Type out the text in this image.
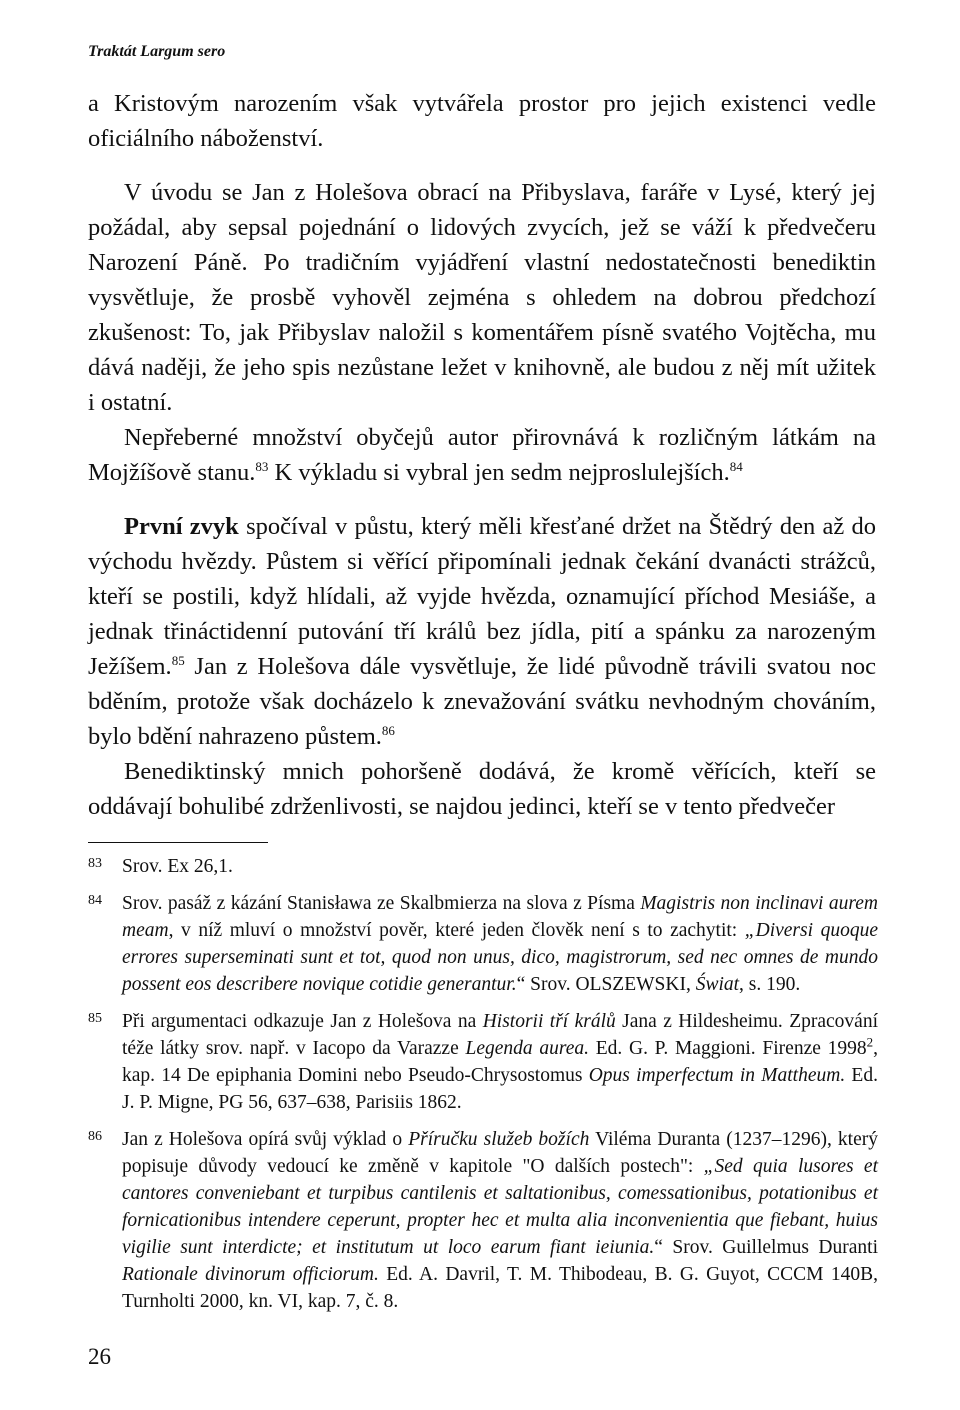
Traktát Largum sero

a Kristovým narozením však vytvářela prostor pro jejich existenci vedle oficiálního náboženství.

V úvodu se Jan z Holešova obrací na Přibyslava, faráře v Lysé, který jej požádal, aby sepsal pojednání o lidových zvycích, jež se váží k předvečeru Narození Páně. Po tradičním vyjádření vlastní nedostatečnosti benediktin vysvětluje, že prosbě vyhověl zejména s ohledem na dobrou předchozí zkušenost: To, jak Přibyslav naložil s komentářem písně svatého Vojtěcha, mu dává naději, že jeho spis nezůstane ležet v knihovně, ale budou z něj mít užitek i ostatní.

Nepřeberné množství obyčejů autor přirovnává k rozličným látkám na Mojžíšově stanu.$^{83}$ K výkladu si vybral jen sedm nejproslulejších.$^{84}$

První zvyk spočíval v půstu, který měli křesťané držet na Štědrý den až do východu hvězdy. Půstem si věřící připomínali jednak čekání dvanácti strážců, kteří se postili, když hlídali, až vyjde hvězda, oznamující příchod Mesiáše, a jednak třináctidenní putování tří králů bez jídla, pití a spánku za narozeným Ježíšem.$^{85}$ Jan z Holešova dále vysvětluje, že lidé původně trávili svatou noc bděním, protože však docházelo k znevažování svátku nevhodným chováním, bylo bdění nahrazeno půstem.$^{86}$

Benediktinský mnich pohoršeně dodává, že kromě věřících, kteří se oddávají bohulibé zdrženlivosti, se najdou jedinci, kteří se v tento předvečer

83	Srov. Ex 26,1.
84	Srov. pasáž z kázání Stanisława ze Skalbmierza na slova z Písma Magistris non inclinavi aurem meam, v níž mluví o množství pověr, které jeden člověk není s to zachytit: „Diversi quoque errores superseminati sunt et tot, quod non unus, dico, magistrorum, sed nec omnes de mundo possent eos describere novique cotidie generantur.“ Srov. OLSZEWSKI, Świat, s. 190.
85	Při argumentaci odkazuje Jan z Holešova na Historii tří králů Jana z Hildesheimu. Zpracování téže látky srov. např. v Iacopo da Varazze Legenda aurea. Ed. G. P. Maggioni. Firenze 1998$^2$, kap. 14 De epiphania Domini nebo Pseudo-Chrysostomus Opus imperfectum in Mattheum. Ed. J. P. Migne, PG 56, 637–638, Parisiis 1862.
86	Jan z Holešova opírá svůj výklad o Příručku služeb božích Viléma Duranta (1237–1296), který popisuje důvody vedoucí ke změně v kapitole "O dalších postech": „Sed quia lusores et cantores conveniebant et turpibus cantilenis et saltationibus, comessationibus, potationibus et fornicationibus intendere ceperunt, propter hec et multa alia inconvenientia que fiebant, huius vigilie sunt interdicte; et institutum ut loco earum fiant ieiunia.“ Srov. Guillelmus Duranti Rationale divinorum officiorum. Ed. A. Davril, T. M. Thibodeau, B. G. Guyot, CCCM 140B, Turnholti 2000, kn. VI, kap. 7, č. 8.
26
